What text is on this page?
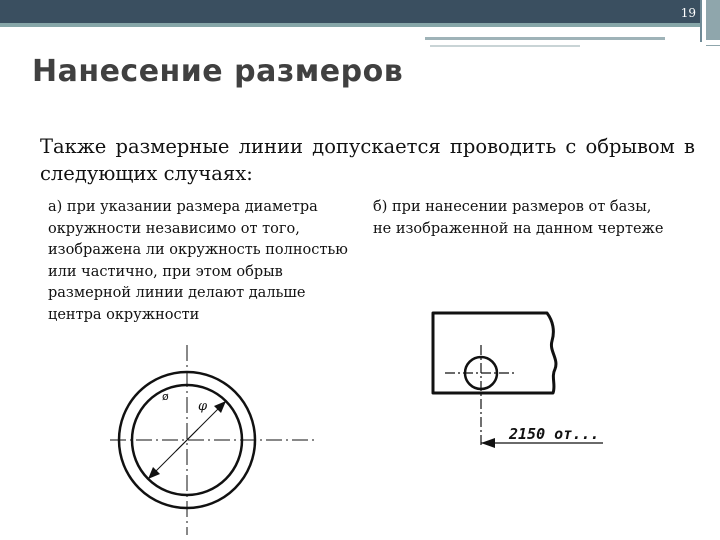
19
Нанесение размеров
Также размерные линии допускается проводить с обрывом в следующих случаях:
а) при указании размера диаметра окружности независимо от того, изображена ли окружность полностью или частично, при этом обрыв размерной линии делают дальше центра окружности
б) при нанесении размеров от базы, не изображенной на данном чертеже
ø
φ
2150 от...
